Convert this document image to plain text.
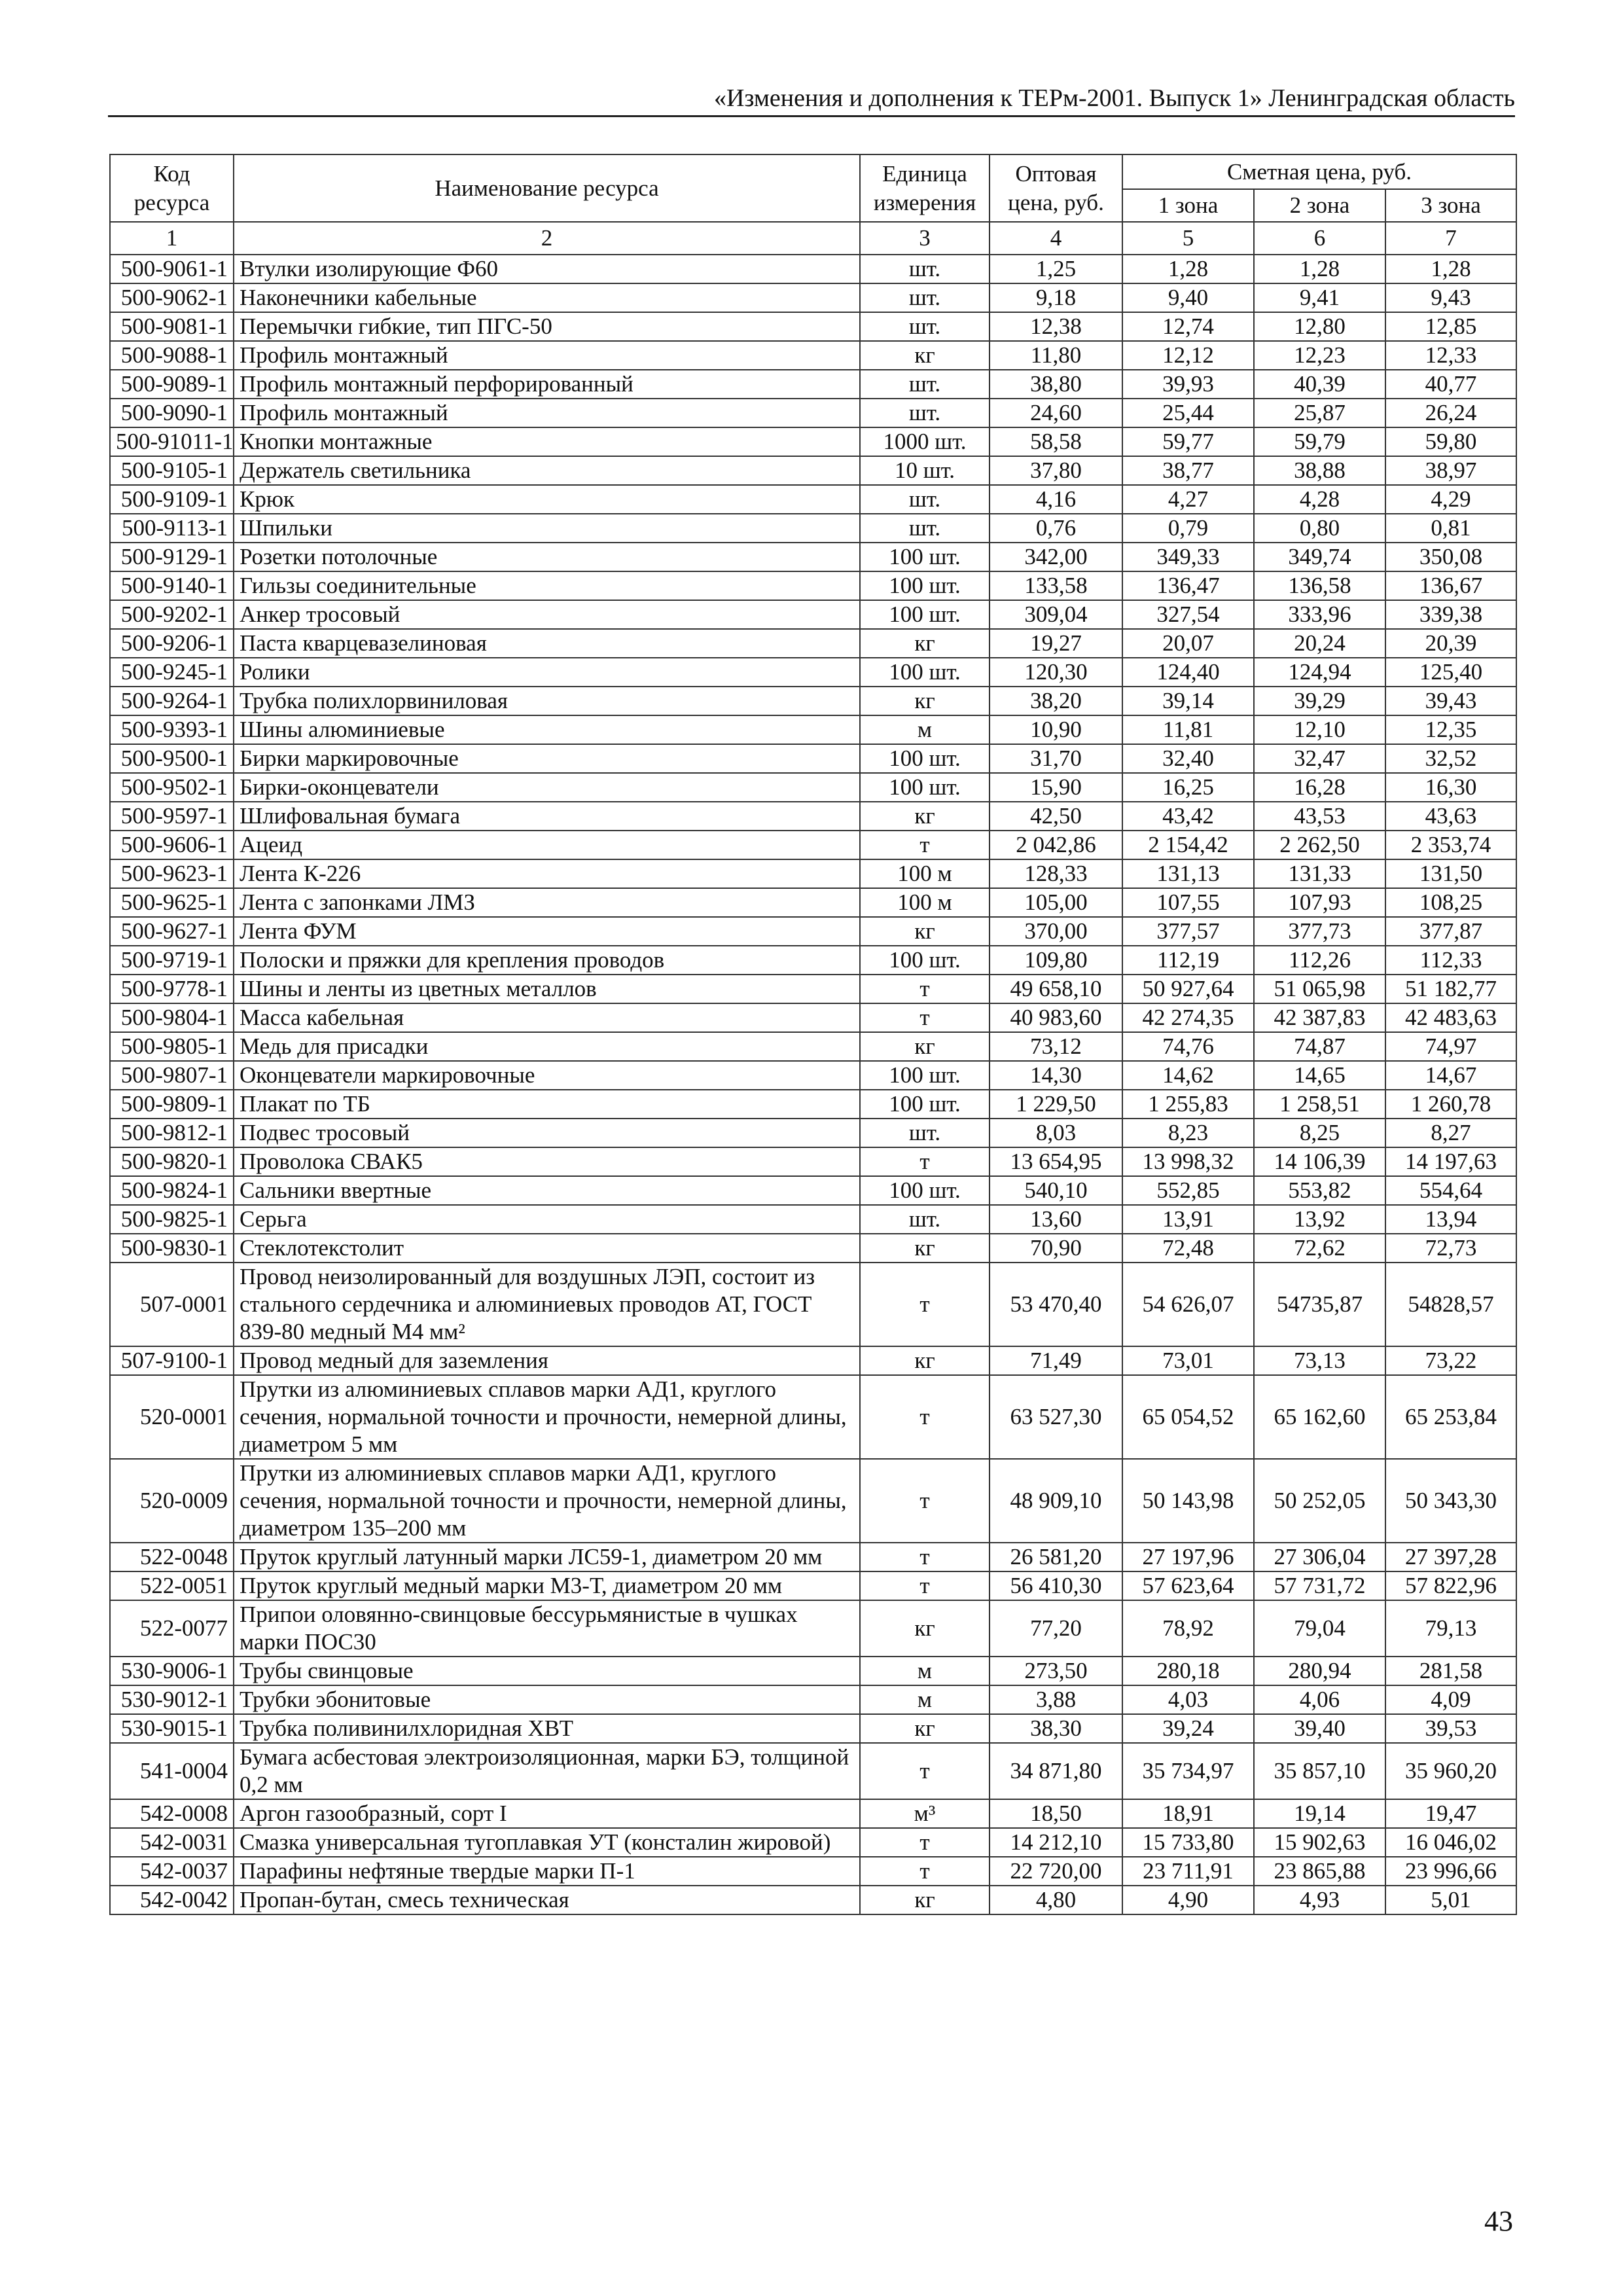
«Изменения и дополнения к ТЕРм-2001. Выпуск 1» Ленинградская область
Код ресурса	Наименование ресурса	Единица измерения	Оптовая цена, руб.	Сметная цена, руб.		
				1 зона	2 зона	3 зона
1	2	3	4	5	6	7
500-9061-1	Втулки изолирующие Ф60	шт.	1,25	1,28	1,28	1,28
500-9062-1	Наконечники кабельные	шт.	9,18	9,40	9,41	9,43
500-9081-1	Перемычки гибкие, тип ПГС-50	шт.	12,38	12,74	12,80	12,85
500-9088-1	Профиль монтажный	кг	11,80	12,12	12,23	12,33
500-9089-1	Профиль монтажный перфорированный	шт.	38,80	39,93	40,39	40,77
500-9090-1	Профиль монтажный	шт.	24,60	25,44	25,87	26,24
500-91011-1	Кнопки монтажные	1000 шт.	58,58	59,77	59,79	59,80
500-9105-1	Держатель светильника	10 шт.	37,80	38,77	38,88	38,97
500-9109-1	Крюк	шт.	4,16	4,27	4,28	4,29
500-9113-1	Шпильки	шт.	0,76	0,79	0,80	0,81
500-9129-1	Розетки потолочные	100 шт.	342,00	349,33	349,74	350,08
500-9140-1	Гильзы соединительные	100 шт.	133,58	136,47	136,58	136,67
500-9202-1	Анкер тросовый	100 шт.	309,04	327,54	333,96	339,38
500-9206-1	Паста кварцевазелиновая	кг	19,27	20,07	20,24	20,39
500-9245-1	Ролики	100 шт.	120,30	124,40	124,94	125,40
500-9264-1	Трубка полихлорвиниловая	кг	38,20	39,14	39,29	39,43
500-9393-1	Шины алюминиевые	м	10,90	11,81	12,10	12,35
500-9500-1	Бирки маркировочные	100 шт.	31,70	32,40	32,47	32,52
500-9502-1	Бирки-оконцеватели	100 шт.	15,90	16,25	16,28	16,30
500-9597-1	Шлифовальная бумага	кг	42,50	43,42	43,53	43,63
500-9606-1	Ацеид	т	2 042,86	2 154,42	2 262,50	2 353,74
500-9623-1	Лента К-226	100 м	128,33	131,13	131,33	131,50
500-9625-1	Лента с запонками ЛМЗ	100 м	105,00	107,55	107,93	108,25
500-9627-1	Лента ФУМ	кг	370,00	377,57	377,73	377,87
500-9719-1	Полоски и пряжки для крепления проводов	100 шт.	109,80	112,19	112,26	112,33
500-9778-1	Шины и ленты из цветных металлов	т	49 658,10	50 927,64	51 065,98	51 182,77
500-9804-1	Масса кабельная	т	40 983,60	42 274,35	42 387,83	42 483,63
500-9805-1	Медь для присадки	кг	73,12	74,76	74,87	74,97
500-9807-1	Оконцеватели маркировочные	100 шт.	14,30	14,62	14,65	14,67
500-9809-1	Плакат по ТБ	100 шт.	1 229,50	1 255,83	1 258,51	1 260,78
500-9812-1	Подвес тросовый	шт.	8,03	8,23	8,25	8,27
500-9820-1	Проволока СВАК5	т	13 654,95	13 998,32	14 106,39	14 197,63
500-9824-1	Сальники ввертные	100 шт.	540,10	552,85	553,82	554,64
500-9825-1	Серьга	шт.	13,60	13,91	13,92	13,94
500-9830-1	Стеклотекстолит	кг	70,90	72,48	72,62	72,73
507-0001	Провод неизолированный для воздушных ЛЭП, состоит из стального сердечника и алюминиевых проводов АТ, ГОСТ 839-80 медный М4 мм²	т	53 470,40	54 626,07	54735,87	54828,57
507-9100-1	Провод медный для заземления	кг	71,49	73,01	73,13	73,22
520-0001	Прутки из алюминиевых сплавов марки АД1, круглого сечения, нормальной точности и прочности, немерной длины, диаметром 5 мм	т	63 527,30	65 054,52	65 162,60	65 253,84
520-0009	Прутки из алюминиевых сплавов марки АД1, круглого сечения, нормальной точности и прочности, немерной длины, диаметром 135–200 мм	т	48 909,10	50 143,98	50 252,05	50 343,30
522-0048	Пруток круглый латунный марки ЛС59-1, диаметром 20 мм	т	26 581,20	27 197,96	27 306,04	27 397,28
522-0051	Пруток круглый медный марки М3-Т, диаметром 20 мм	т	56 410,30	57 623,64	57 731,72	57 822,96
522-0077	Припои оловянно-свинцовые бессурьмянистые в чушках марки ПОС30	кг	77,20	78,92	79,04	79,13
530-9006-1	Трубы свинцовые	м	273,50	280,18	280,94	281,58
530-9012-1	Трубки эбонитовые	м	3,88	4,03	4,06	4,09
530-9015-1	Трубка поливинилхлоридная ХВТ	кг	38,30	39,24	39,40	39,53
541-0004	Бумага асбестовая электроизоляционная, марки БЭ, толщиной 0,2 мм	т	34 871,80	35 734,97	35 857,10	35 960,20
542-0008	Аргон газообразный, сорт I	м³	18,50	18,91	19,14	19,47
542-0031	Смазка универсальная тугоплавкая УТ (консталин жировой)	т	14 212,10	15 733,80	15 902,63	16 046,02
542-0037	Парафины нефтяные твердые марки П-1	т	22 720,00	23 711,91	23 865,88	23 996,66
542-0042	Пропан-бутан, смесь техническая	кг	4,80	4,90	4,93	5,01
43
